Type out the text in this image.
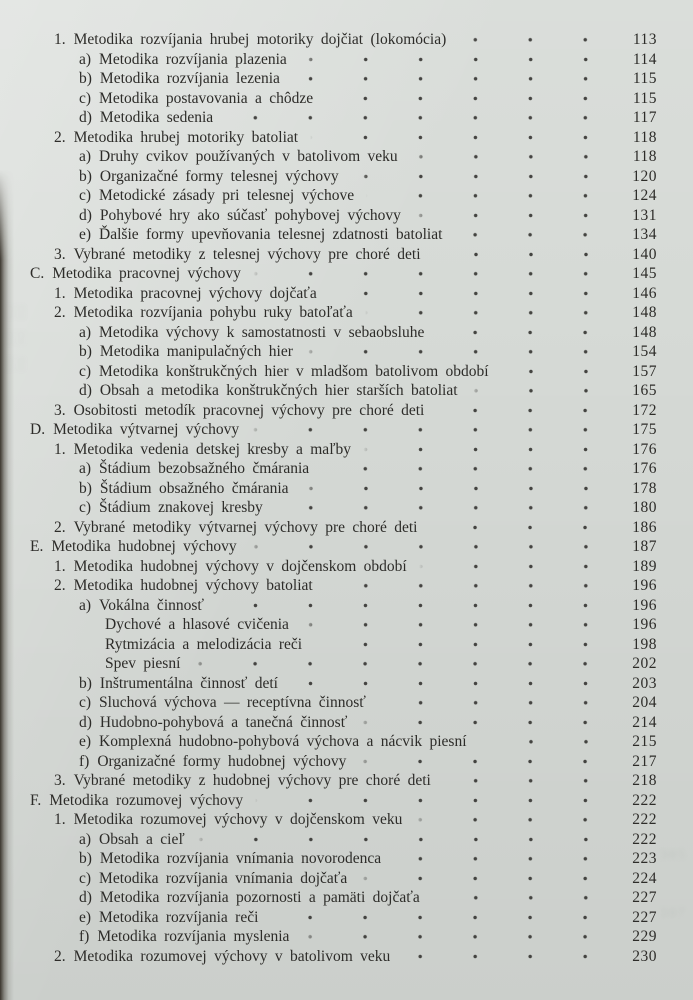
░░░░░░
305
307
1. Metodika rozvíjania hrubej motoriky dojčiat (lokomócia)	113
a) Metodika rozvíjania plazenia	114
b) Metodika rozvíjania lezenia	115
c) Metodika postavovania a chôdze	115
d) Metodika sedenia	117
2. Metodika hrubej motoriky batoliat	118
a) Druhy cvikov používaných v batolivom veku	118
b) Organizačné formy telesnej výchovy	120
c) Metodické zásady pri telesnej výchove	124
d) Pohybové hry ako súčasť pohybovej výchovy	131
e) Ďalšie formy upevňovania telesnej zdatnosti batoliat	134
3. Vybrané metodiky z telesnej výchovy pre choré deti	140
C. Metodika pracovnej výchovy	145
1. Metodika pracovnej výchovy dojčaťa	146
2. Metodika rozvíjania pohybu ruky batoľaťa	148
a) Metodika výchovy k samostatnosti v sebaobsluhe	148
b) Metodika manipulačných hier	154
c) Metodika konštrukčných hier v mladšom batolivom období	157
d) Obsah a metodika konštrukčných hier starších batoliat	165
3. Osobitosti metodík pracovnej výchovy pre choré deti	172
D. Metodika výtvarnej výchovy	175
1. Metodika vedenia detskej kresby a maľby	176
a) Štádium bezobsažného čmárania	176
b) Štádium obsažného čmárania	178
c) Štádium znakovej kresby	180
2. Vybrané metodiky výtvarnej výchovy pre choré deti	186
E. Metodika hudobnej výchovy	187
1. Metodika hudobnej výchovy v dojčenskom období	189
2. Metodika hudobnej výchovy batoliat	196
a) Vokálna činnosť	196
Dychové a hlasové cvičenia	196
Rytmizácia a melodizácia reči	198
Spev piesní	202
b) Inštrumentálna činnosť detí	203
c) Sluchová výchova — receptívna činnosť	204
d) Hudobno-pohybová a tanečná činnosť	214
e) Komplexná hudobno-pohybová výchova a nácvik piesní	215
f) Organizačné formy hudobnej výchovy	217
3. Vybrané metodiky z hudobnej výchovy pre choré deti	218
F. Metodika rozumovej výchovy	222
1. Metodika rozumovej výchovy v dojčenskom veku	222
a) Obsah a cieľ	222
b) Metodika rozvíjania vnímania novorodenca	223
c) Metodika rozvíjania vnímania dojčaťa	224
d) Metodika rozvíjania pozornosti a pamäti dojčaťa	227
e) Metodika rozvíjania reči	227
f) Metodika rozvíjania myslenia	229
2. Metodika rozumovej výchovy v batolivom veku	230
